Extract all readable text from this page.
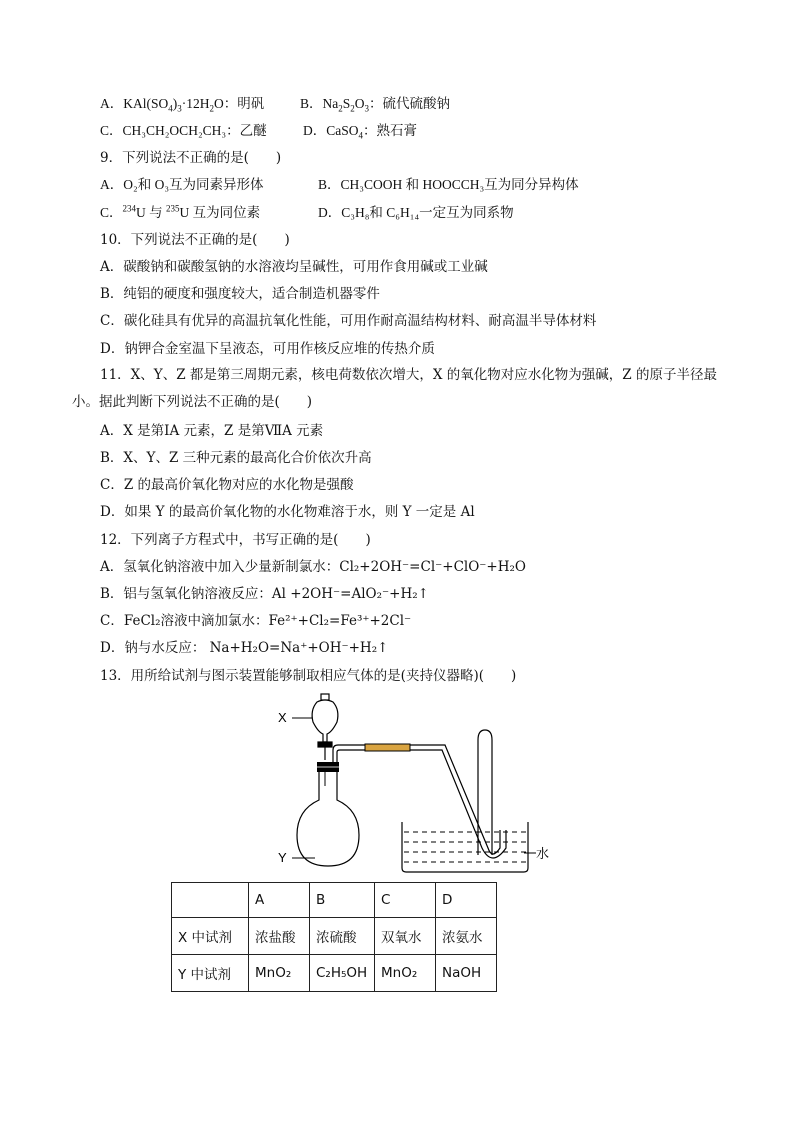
A．$KAl(SO_4)_3\cdot 12H_2O$：明矾	B．$Na_2S_2O_3$：硫代硫酸钠
C．CH₃CH₂OCH₂CH₃：乙醚	D．CaSO$_4$：熟石膏
9．下列说法不正确的是(　　)
A．O₂和 O₃互为同素异形体	B．CH₃COOH 和 HOOCCH₃互为同分异构体
C．$^{234}$U 与 $^{235}$U 互为同位素	D．C₃H₈和 C₆H₁₄一定互为同系物
10．下列说法不正确的是(　　)
A．碳酸钠和碳酸氢钠的水溶液均呈碱性，可用作食用碱或工业碱
B．纯铝的硬度和强度较大，适合制造机器零件
C．碳化硅具有优异的高温抗氧化性能，可用作耐高温结构材料、耐高温半导体材料
D．钠钾合金室温下呈液态，可用作核反应堆的传热介质
11．X、Y、Z 都是第三周期元素，核电荷数依次增大，X 的氧化物对应水化物为强碱，Z 的原子半径最小。据此判断下列说法不正确的是(　　)
A．X 是第ⅠA 元素，Z 是第ⅦA 元素
B．X、Y、Z 三种元素的最高化合价依次升高
C．Z 的最高价氧化物对应的水化物是强酸
D．如果 Y 的最高价氧化物的水化物难溶于水，则 Y 一定是 Al
12．下列离子方程式中，书写正确的是(　　)
A．氢氧化钠溶液中加入少量新制氯水：Cl₂+2OH⁻=Cl⁻+ClO⁻+H₂O
B．铝与氢氧化钠溶液反应：Al +2OH⁻=AlO₂⁻+H₂↑
C．FeCl₂溶液中滴加氯水：Fe²⁺+Cl₂=Fe³⁺+2Cl⁻
D．钠与水反应： Na+H₂O=Na⁺+OH⁻+H₂↑
13．用所给试剂与图示装置能够制取相应气体的是(夹持仪器略)(　　)
X
Y	水
	A	B	C	D
X 中试剂	浓盐酸	浓硫酸	双氧水	浓氨水
Y 中试剂	MnO₂	C₂H₅OH	MnO₂	NaOH
